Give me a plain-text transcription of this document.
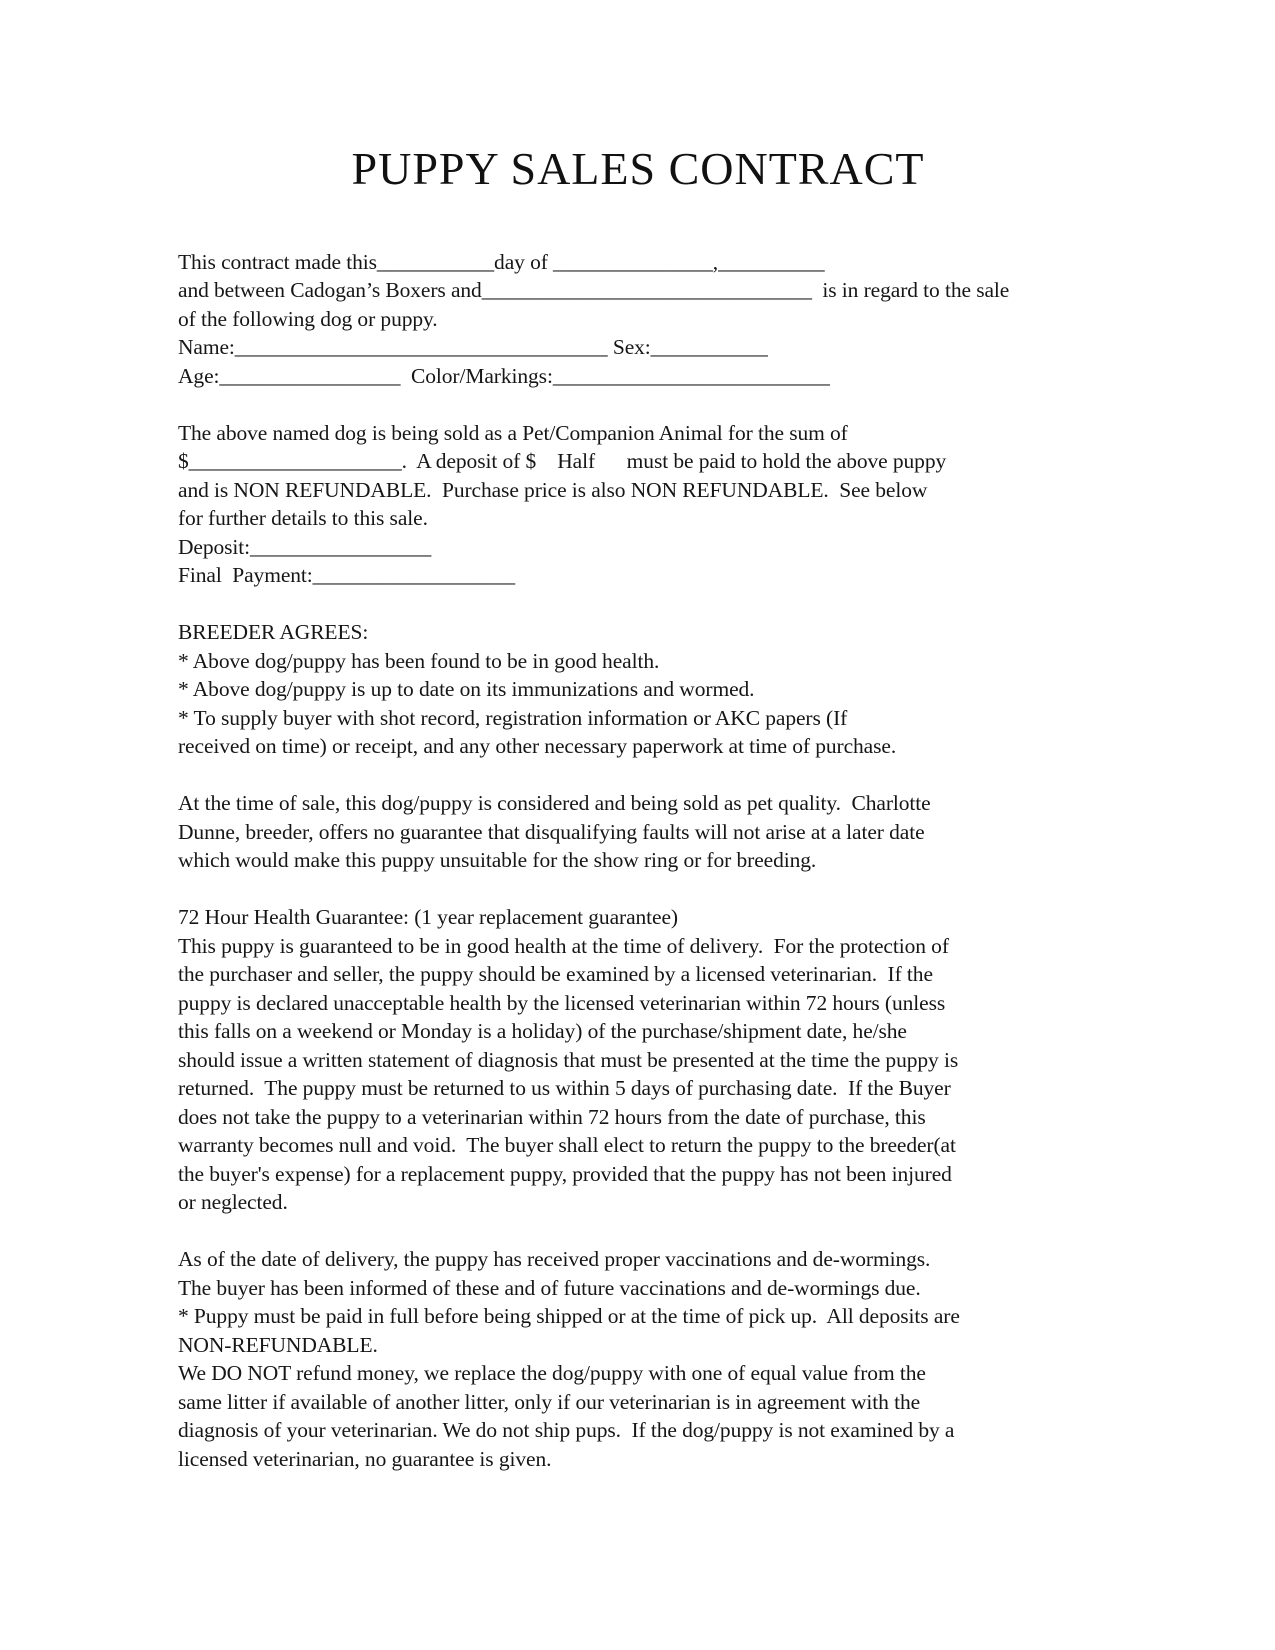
PUPPY SALES CONTRACT
This contract made this___________day of _______________,__________
and between Cadogan’s Boxers and_______________________________  is in regard to the sale
of the following dog or puppy.
Name:___________________________________ Sex:___________
Age:_________________  Color/Markings:__________________________
The above named dog is being sold as a Pet/Companion Animal for the sum of
$____________________.  A deposit of $    Half      must be paid to hold the above puppy
and is NON REFUNDABLE.  Purchase price is also NON REFUNDABLE.  See below
for further details to this sale.
Deposit:_________________
Final  Payment:___________________
BREEDER AGREES:
* Above dog/puppy has been found to be in good health.
* Above dog/puppy is up to date on its immunizations and wormed.
* To supply buyer with shot record, registration information or AKC papers (If
received on time) or receipt, and any other necessary paperwork at time of purchase.
At the time of sale, this dog/puppy is considered and being sold as pet quality.  Charlotte
Dunne, breeder, offers no guarantee that disqualifying faults will not arise at a later date
which would make this puppy unsuitable for the show ring or for breeding.
72 Hour Health Guarantee: (1 year replacement guarantee)
This puppy is guaranteed to be in good health at the time of delivery.  For the protection of
the purchaser and seller, the puppy should be examined by a licensed veterinarian.  If the
puppy is declared unacceptable health by the licensed veterinarian within 72 hours (unless
this falls on a weekend or Monday is a holiday) of the purchase/shipment date, he/she
should issue a written statement of diagnosis that must be presented at the time the puppy is
returned.  The puppy must be returned to us within 5 days of purchasing date.  If the Buyer
does not take the puppy to a veterinarian within 72 hours from the date of purchase, this
warranty becomes null and void.  The buyer shall elect to return the puppy to the breeder(at
the buyer's expense) for a replacement puppy, provided that the puppy has not been injured
or neglected.
As of the date of delivery, the puppy has received proper vaccinations and de-wormings.
The buyer has been informed of these and of future vaccinations and de-wormings due.
* Puppy must be paid in full before being shipped or at the time of pick up.  All deposits are
NON-REFUNDABLE.
We DO NOT refund money, we replace the dog/puppy with one of equal value from the
same litter if available of another litter, only if our veterinarian is in agreement with the
diagnosis of your veterinarian. We do not ship pups.  If the dog/puppy is not examined by a
licensed veterinarian, no guarantee is given.
